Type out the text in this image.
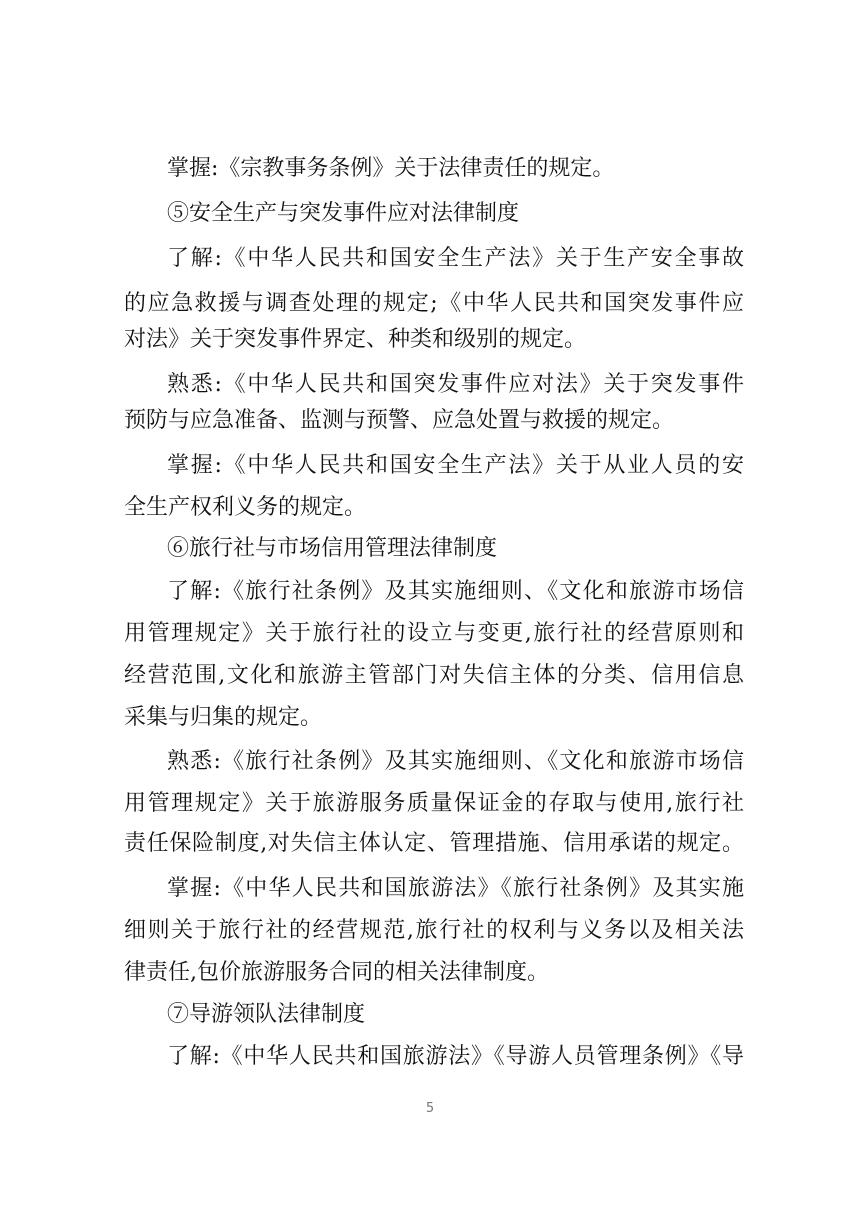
掌握:《宗教事务条例》关于法律责任的规定。
⑤安全生产与突发事件应对法律制度
了解:《中华人民共和国安全生产法》关于生产安全事故
的应急救援与调查处理的规定;《中华人民共和国突发事件应
对法》关于突发事件界定、种类和级别的规定。
熟悉:《中华人民共和国突发事件应对法》关于突发事件
预防与应急准备、监测与预警、应急处置与救援的规定。
掌握:《中华人民共和国安全生产法》关于从业人员的安
全生产权利义务的规定。
⑥旅行社与市场信用管理法律制度
了解:《旅行社条例》及其实施细则、《文化和旅游市场信
用管理规定》关于旅行社的设立与变更,旅行社的经营原则和
经营范围,文化和旅游主管部门对失信主体的分类、信用信息
采集与归集的规定。
熟悉:《旅行社条例》及其实施细则、《文化和旅游市场信
用管理规定》关于旅游服务质量保证金的存取与使用,旅行社
责任保险制度,对失信主体认定、管理措施、信用承诺的规定。
掌握:《中华人民共和国旅游法》《旅行社条例》及其实施
细则关于旅行社的经营规范,旅行社的权利与义务以及相关法
律责任,包价旅游服务合同的相关法律制度。
⑦导游领队法律制度
了解:《中华人民共和国旅游法》《导游人员管理条例》《导
5
